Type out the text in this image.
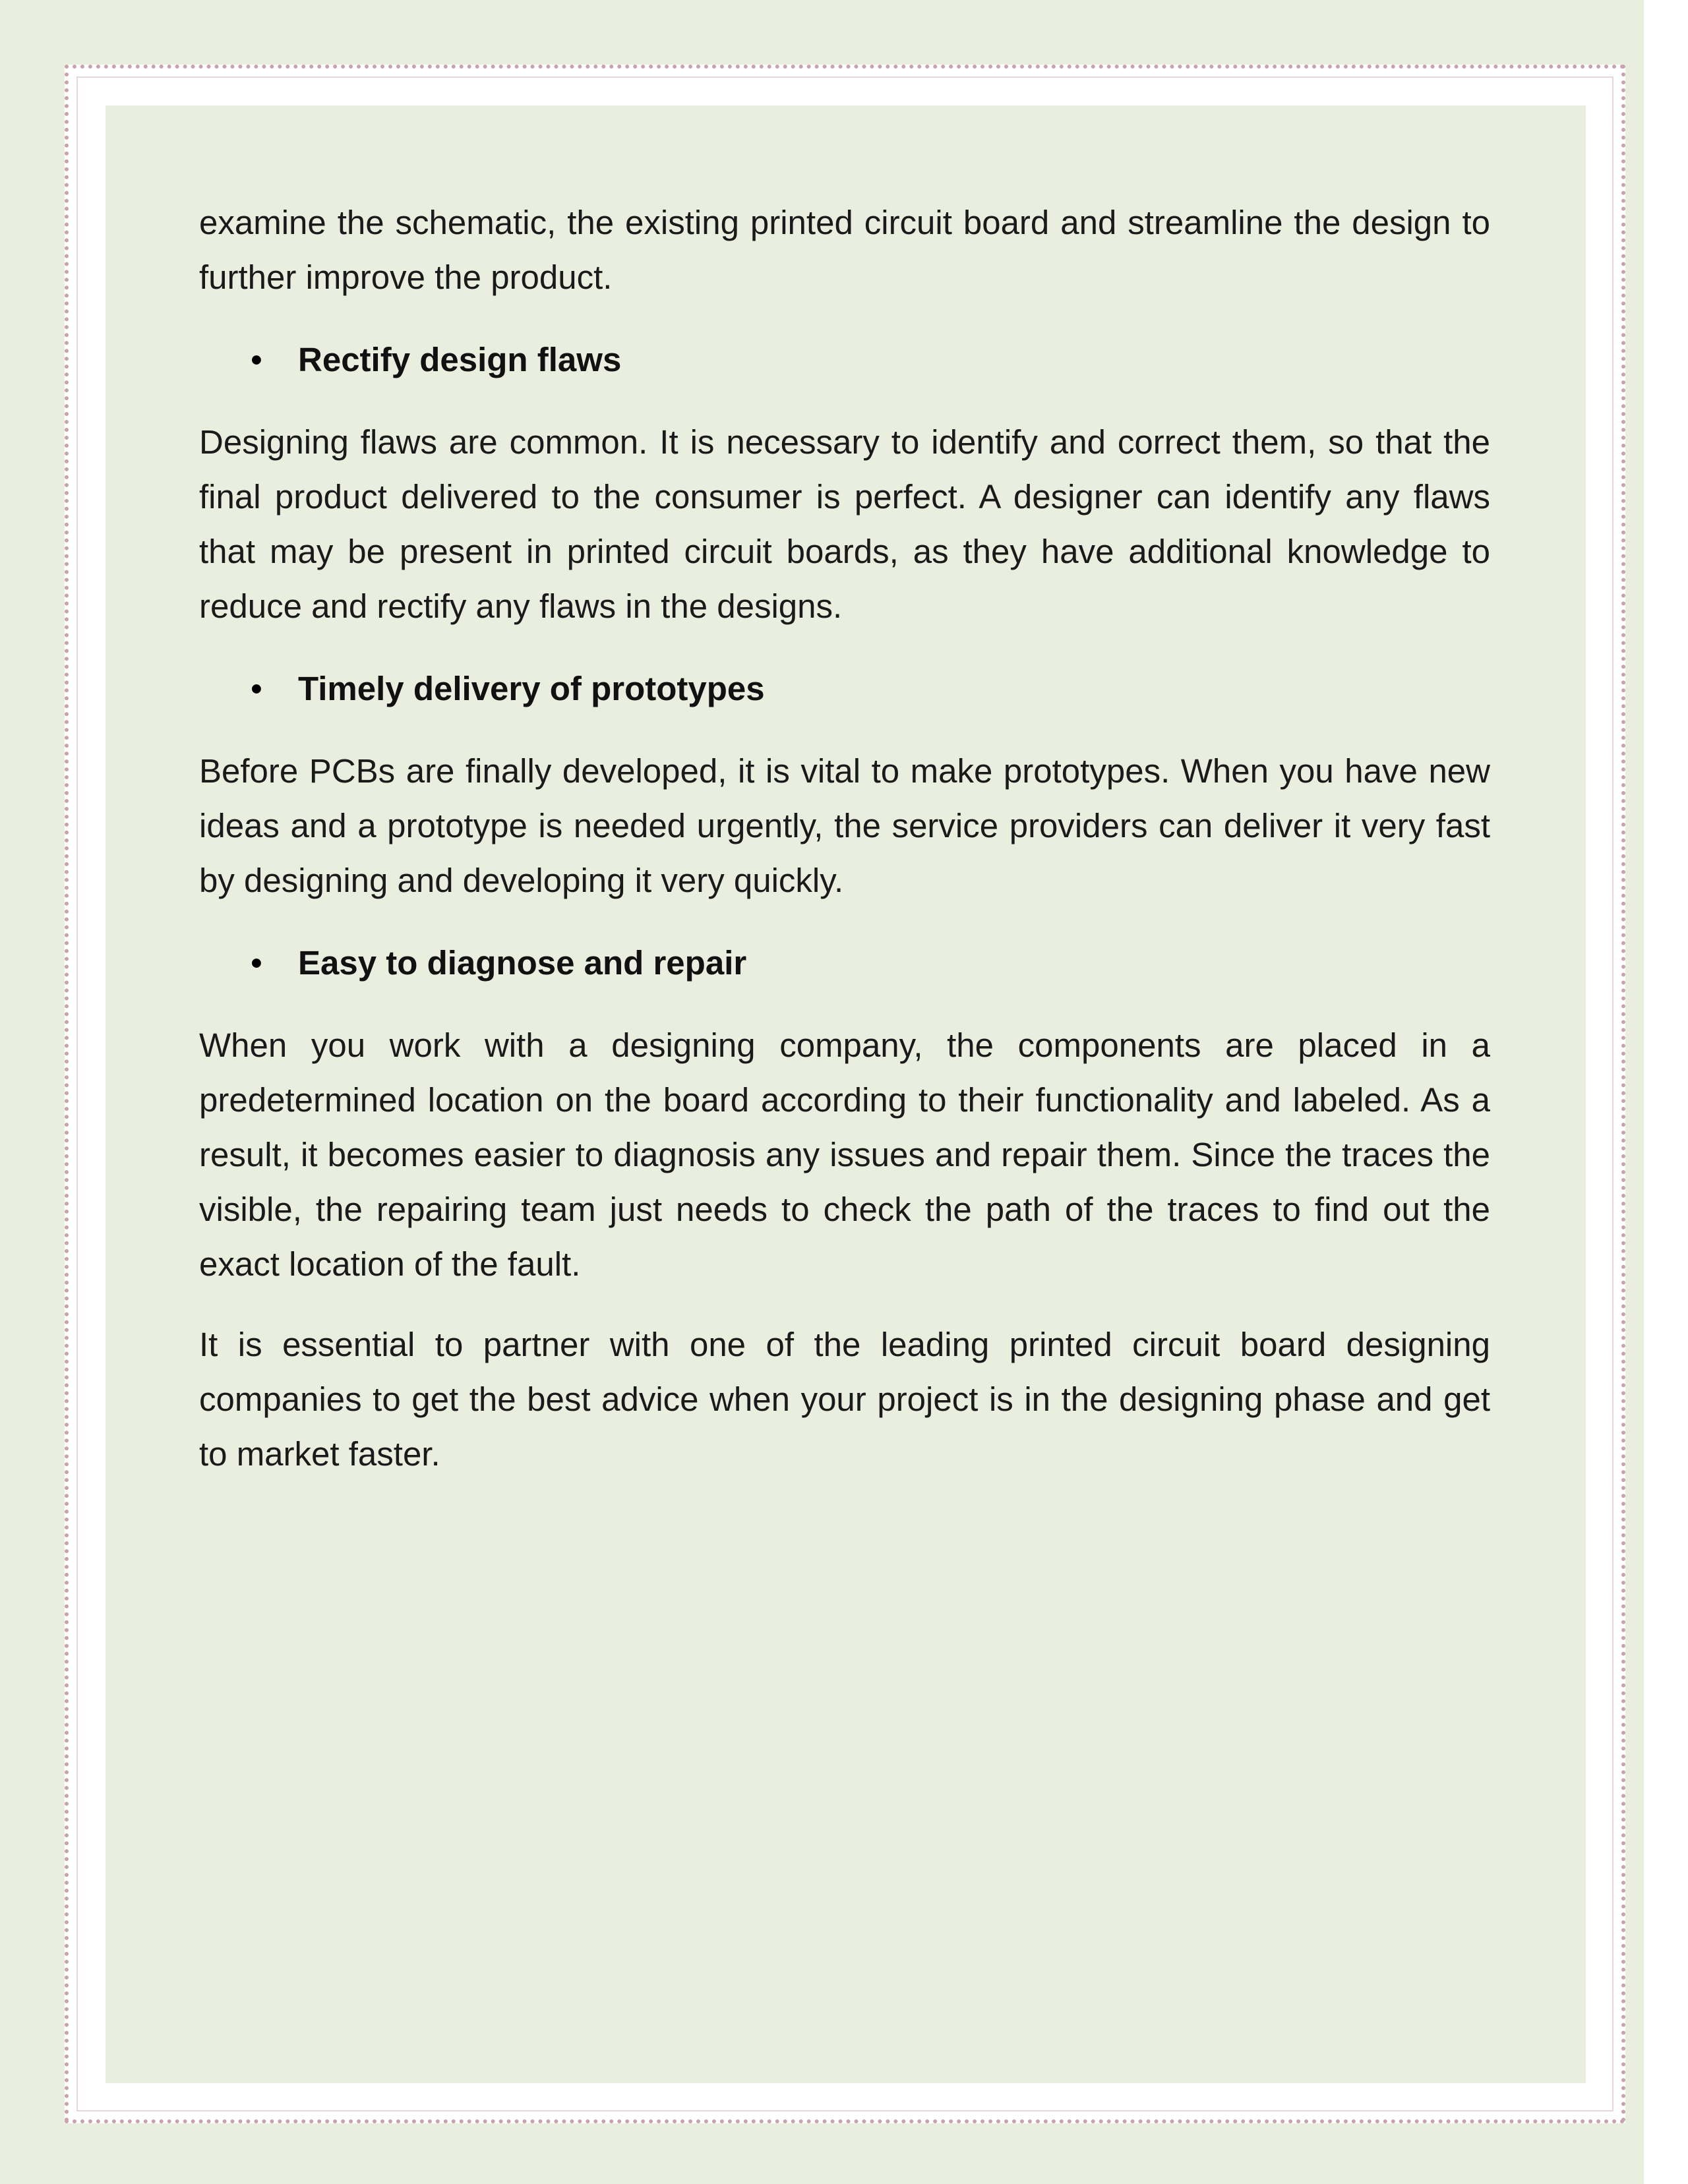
examine the schematic, the existing printed circuit board and streamline the design to further improve the product.

• Rectify design flaws

Designing flaws are common. It is necessary to identify and correct them, so that the final product delivered to the consumer is perfect. A designer can identify any flaws that may be present in printed circuit boards, as they have additional knowledge to reduce and rectify any flaws in the designs.

• Timely delivery of prototypes

Before PCBs are finally developed, it is vital to make prototypes. When you have new ideas and a prototype is needed urgently, the service providers can deliver it very fast by designing and developing it very quickly.

• Easy to diagnose and repair

When you work with a designing company, the components are placed in a predetermined location on the board according to their functionality and labeled. As a result, it becomes easier to diagnosis any issues and repair them. Since the traces the visible, the repairing team just needs to check the path of the traces to find out the exact location of the fault.

It is essential to partner with one of the leading printed circuit board designing companies to get the best advice when your project is in the designing phase and get to market faster.
